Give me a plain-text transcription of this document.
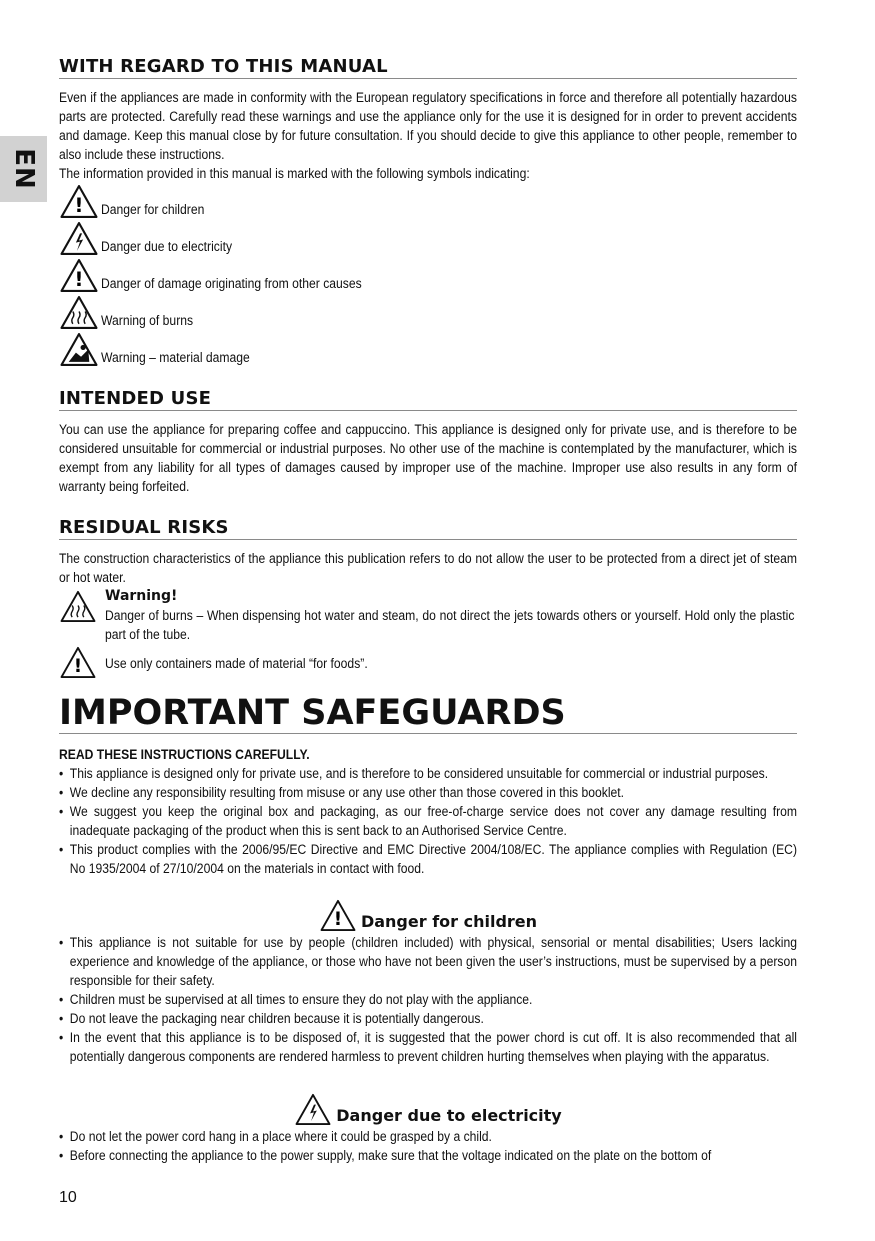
EN
WITH REGARD TO THIS MANUAL

Even if the appliances are made in conformity with the European regulatory specifications in force and therefore all potentially hazardous parts are protected. Carefully read these warnings and use the appliance only for the use it is designed for in order to prevent accidents and damage. Keep this manual close by for future consultation. If you should decide to give this appliance to other people, remember to also include these instructions.

The information provided in this manual is marked with the following symbols indicating:

! Danger for children
Danger due to electricity
! Danger of damage originating from other causes
Warning of burns
Warning – material damage
INTENDED USE

You can use the appliance for preparing coffee and cappuccino. This appliance is designed only for private use, and is therefore to be considered unsuitable for commercial or industrial purposes. No other use of the machine is contemplated by the manufacturer, which is exempt from any liability for all types of damages caused by improper use of the machine. Improper use also results in any form of warranty being forfeited.

RESIDUAL RISKS

The construction characteristics of the appliance this publication refers to do not allow the user to be protected from a direct jet of steam or hot water.

Warning!

Danger of burns – When dispensing hot water and steam, do not direct the jets towards others or yourself. Hold only the plastic part of the tube.

! Use only containers made of material “for foods”.

IMPORTANT SAFEGUARDS

READ THESE INSTRUCTIONS CAREFULLY.

• This appliance is designed only for private use, and is therefore to be considered unsuitable for commercial or industrial purposes.
• We decline any responsibility resulting from misuse or any use other than those covered in this booklet.
• We suggest you keep the original box and packaging, as our free-of-charge service does not cover any damage resulting from inadequate packaging of the product when this is sent back to an Authorised Service Centre.
• This product complies with the 2006/95/EC Directive and EMC Directive 2004/108/EC. The appliance complies with Regulation (EC) No 1935/2004 of 27/10/2004 on the materials in contact with food.
! Danger for children
• This appliance is not suitable for use by people (children included) with physical, sensorial or mental disabilities; Users lacking experience and knowledge of the appliance, or those who have not been given the user’s instructions, must be supervised by a person responsible for their safety.
• Children must be supervised at all times to ensure they do not play with the appliance.
• Do not leave the packaging near children because it is potentially dangerous.
• In the event that this appliance is to be disposed of, it is suggested that the power chord is cut off. It is also recommended that all potentially dangerous components are rendered harmless to prevent children hurting themselves when playing with the apparatus.
Danger due to electricity
• Do not let the power cord hang in a place where it could be grasped by a child.
• Before connecting the appliance to the power supply, make sure that the voltage indicated on the plate on the bottom of
10
